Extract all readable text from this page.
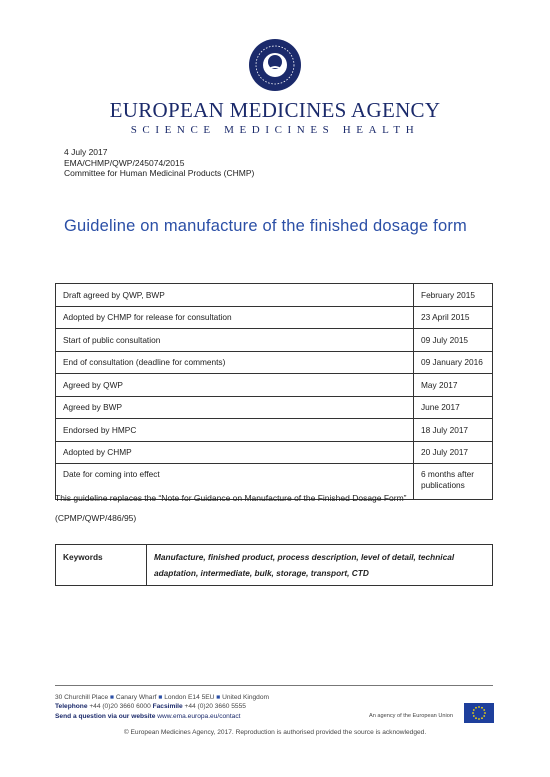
EUROPEAN MEDICINES AGENCY
SCIENCE MEDICINES HEALTH
4 July 2017
EMA/CHMP/QWP/245074/2015
Committee for Human Medicinal Products (CHMP)
Guideline on manufacture of the finished dosage form
Draft agreed by QWP, BWP	February 2015
Adopted by CHMP for release for consultation	23 April 2015
Start of public consultation	09 July 2015
End of consultation (deadline for comments)	09 January 2016
Agreed by QWP	May 2017
Agreed by BWP	June 2017
Endorsed by HMPC	18 July 2017
Adopted by CHMP	20 July 2017
Date for coming into effect	6 months after publications
This guideline replaces the “Note for Guidance on Manufacture of the Finished Dosage Form”
(CPMP/QWP/486/95)
Keywords	Manufacture, finished product, process description, level of detail, technical adaptation, intermediate, bulk, storage, transport, CTD
30 Churchill Place ■ Canary Wharf ■ London E14 5EU ■ United Kingdom
Telephone +44 (0)20 3660 6000 Facsimile +44 (0)20 3660 5555
Send a question via our website www.ema.europa.eu/contact	An agency of the European Union
© European Medicines Agency, 2017. Reproduction is authorised provided the source is acknowledged.
